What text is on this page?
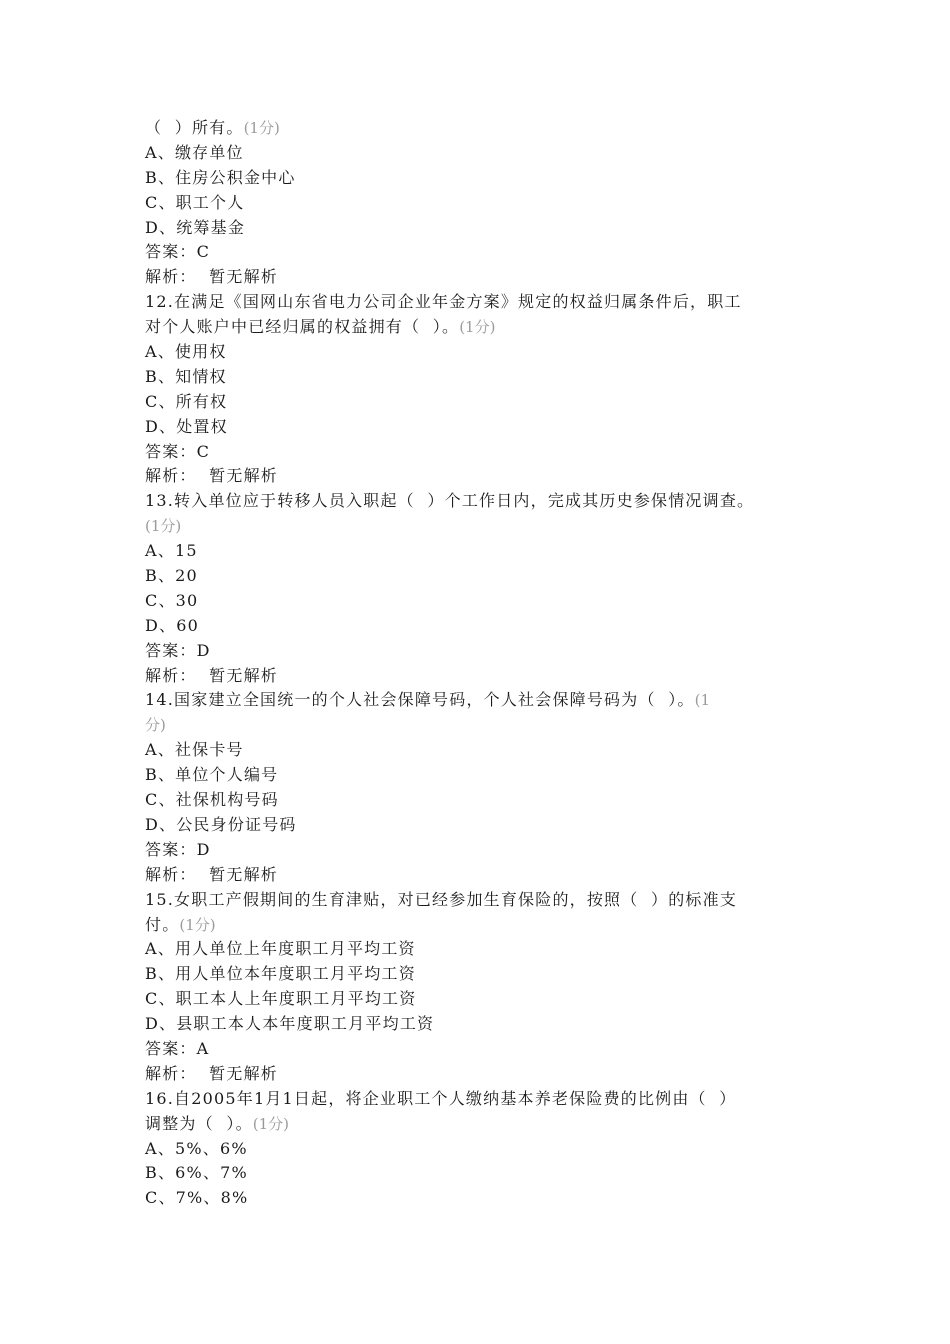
（  ）所有。(1分)
A、缴存单位
B、住房公积金中心
C、职工个人
D、统筹基金
答案：C
解析：  暂无解析
12.在满足《国网山东省电力公司企业年金方案》规定的权益归属条件后，职工
对个人账户中已经归属的权益拥有（  ）。(1分)
A、使用权
B、知情权
C、所有权
D、处置权
答案：C
解析：  暂无解析
13.转入单位应于转移人员入职起（  ）个工作日内，完成其历史参保情况调查。
(1分)
A、15
B、20
C、30
D、60
答案：D
解析：  暂无解析
14.国家建立全国统一的个人社会保障号码，个人社会保障号码为（  ）。(1
分)
A、社保卡号
B、单位个人编号
C、社保机构号码
D、公民身份证号码
答案：D
解析：  暂无解析
15.女职工产假期间的生育津贴，对已经参加生育保险的，按照（  ）的标准支
付。(1分)
A、用人单位上年度职工月平均工资
B、用人单位本年度职工月平均工资
C、职工本人上年度职工月平均工资
D、县职工本人本年度职工月平均工资
答案：A
解析：  暂无解析
16.自2005年1月1日起，将企业职工个人缴纳基本养老保险费的比例由（  ）
调整为（  ）。(1分)
A、5%、6%
B、6%、7%
C、7%、8%
